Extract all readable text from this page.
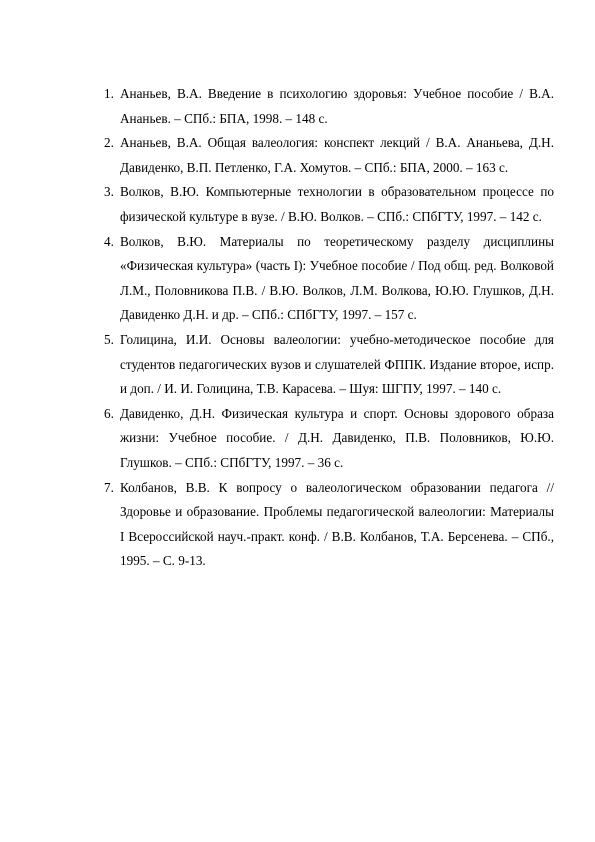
1. Ананьев, В.А. Введение в психологию здоровья: Учебное пособие / В.А. Ананьев. – СПб.: БПА, 1998. – 148 с.
2. Ананьев, В.А. Общая валеология: конспект лекций / В.А. Ананьева, Д.Н. Давиденко, В.П. Петленко, Г.А. Хомутов. – СПб.: БПА, 2000. – 163 с.
3. Волков, В.Ю. Компьютерные технологии в образовательном процессе по физической культуре в вузе. / В.Ю. Волков. – СПб.: СПбГТУ, 1997. – 142 с.
4. Волков, В.Ю. Материалы по теоретическому разделу дисциплины «Физическая культура» (часть I): Учебное пособие / Под общ. ред. Волковой Л.М., Половникова П.В. / В.Ю. Волков, Л.М. Волкова, Ю.Ю. Глушков, Д.Н. Давиденко Д.Н. и др. – СПб.: СПбГТУ, 1997. – 157 с.
5. Голицина, И.И. Основы валеологии: учебно-методическое пособие для студентов педагогических вузов и слушателей ФППК. Издание второе, испр. и доп. / И. И. Голицина, Т.В. Карасева. – Шуя: ШГПУ, 1997. – 140 с.
6. Давиденко, Д.Н. Физическая культура и спорт. Основы здорового образа жизни: Учебное пособие. / Д.Н. Давиденко, П.В. Половников, Ю.Ю. Глушков. – СПб.: СПбГТУ, 1997. – 36 с.
7. Колбанов, В.В. К вопросу о валеологическом образовании педагога // Здоровье и образование. Проблемы педагогической валеологии: Материалы I Всероссийской науч.-практ. конф. / В.В. Колбанов, Т.А. Берсенева. – СПб., 1995. – С. 9-13.
